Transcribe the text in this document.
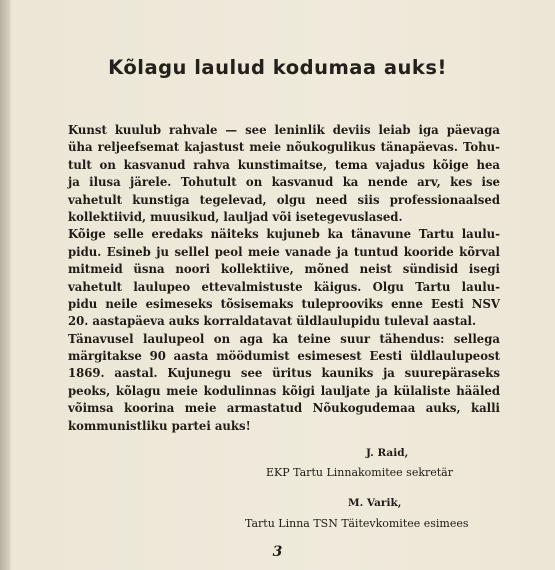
Kõlagu laulud kodumaa auks!
Kunst kuulub rahvale — see leninlik deviis leiab iga päevaga
üha reljeefsemat kajastust meie nõukogulikus tänapäevas. Tohu-
tult on kasvanud rahva kunstimaitse, tema vajadus kõige hea
ja ilusa järele. Tohutult on kasvanud ka nende arv, kes ise
vahetult kunstiga tegelevad, olgu need siis professionaalsed
kollektiivid, muusikud, lauljad või isetegevuslased.
Kõige selle eredaks näiteks kujuneb ka tänavune Tartu laulu-
pidu. Esineb ju sellel peol meie vanade ja tuntud kooride kõrval
mitmeid üsna noori kollektiive, mõned neist sündisid isegi
vahetult laulupeo ettevalmistuste käigus. Olgu Tartu laulu-
pidu neile esimeseks tõsisemaks tuleprooviks enne Eesti NSV
20. aastapäeva auks korraldatavat üldlaulupidu tuleval aastal.
Tänavusel laulupeol on aga ka teine suur tähendus: sellega
märgitakse 90 aasta möödumist esimesest Eesti üldlaulupeost
1869. aastal. Kujunegu see üritus kauniks ja suurepäraseks
peoks, kõlagu meie kodulinnas kõigi lauljate ja külaliste hääled
võimsa koorina meie armastatud Nõukogudemaa auks, kalli
kommunistliku partei auks!
J. Raid,
EKP Tartu Linnakomitee sekretär
M. Varik,
Tartu Linna TSN Täitevkomitee esimees
3
